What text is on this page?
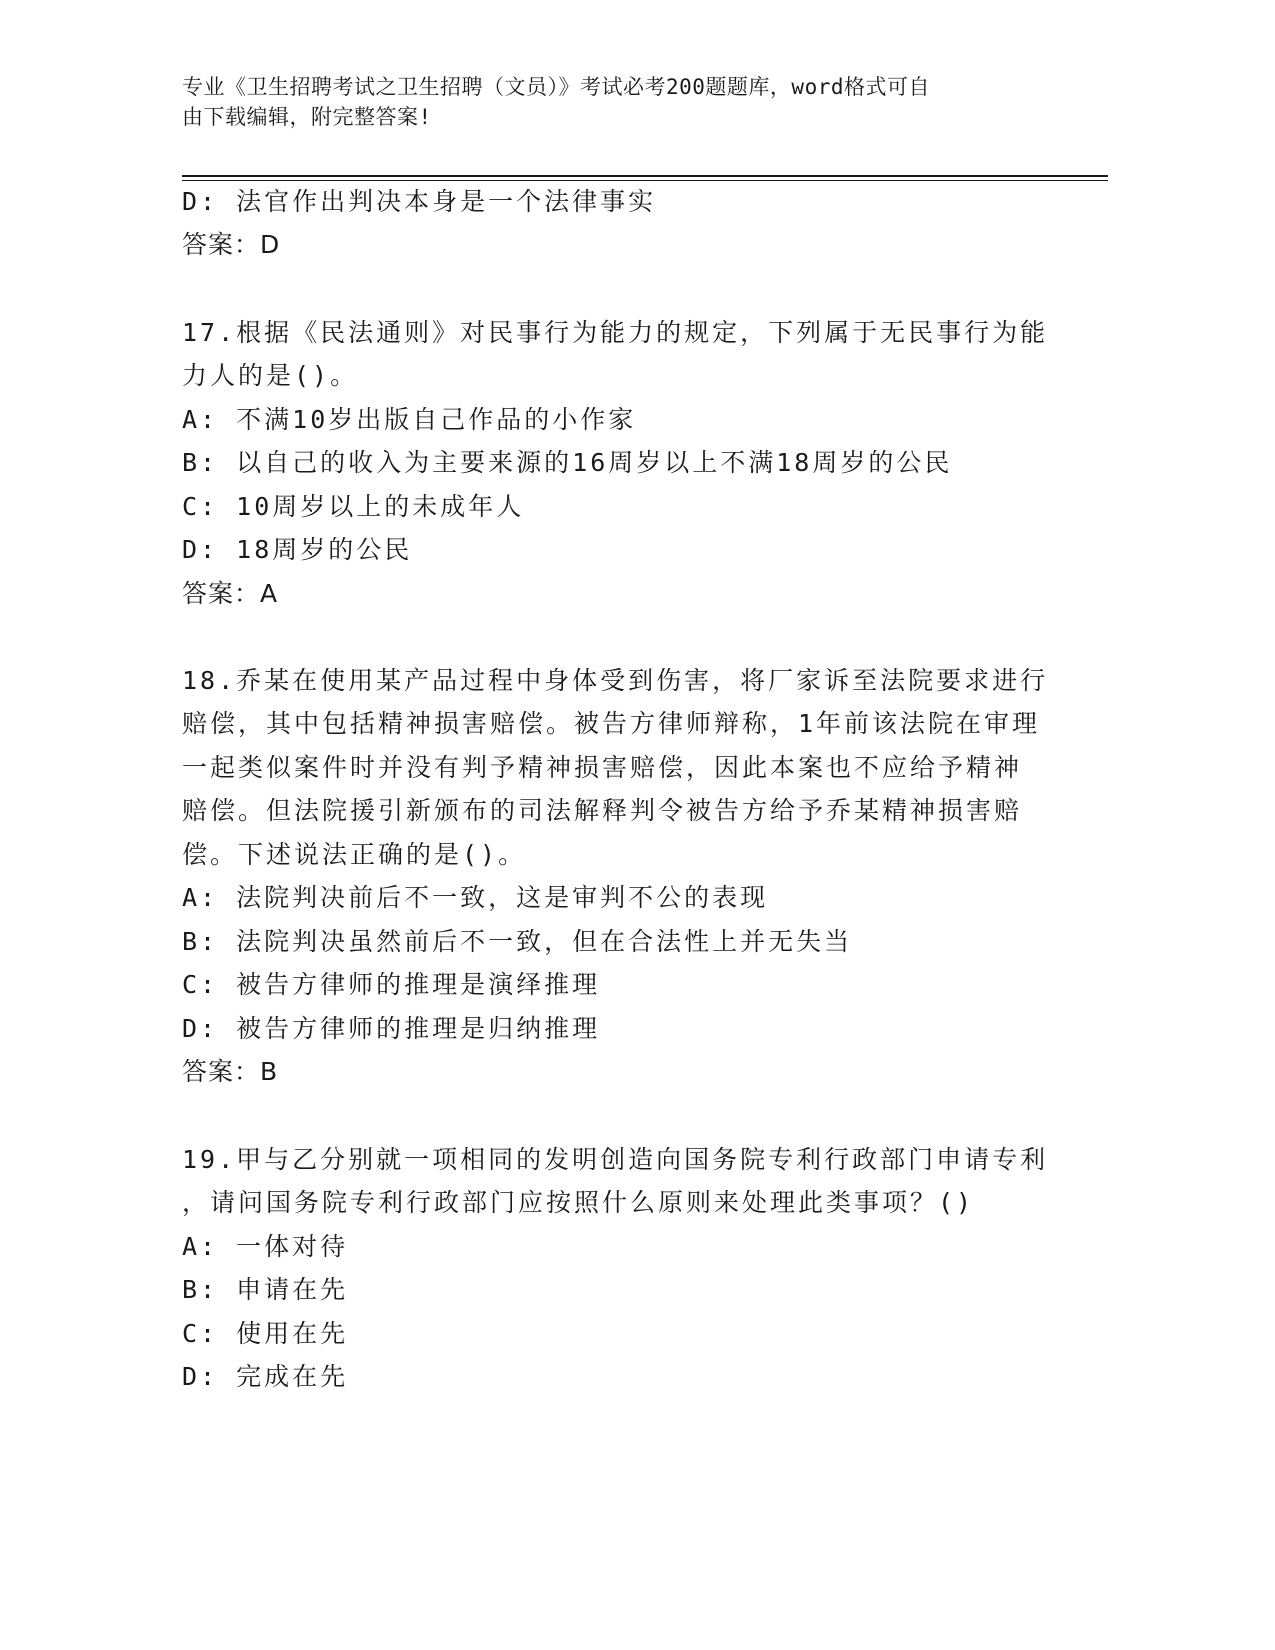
专业《卫生招聘考试之卫生招聘（文员）》考试必考200题题库，word格式可自
由下载编辑，附完整答案!
D: 法官作出判决本身是一个法律事实
答案：D
17.根据《民法通则》对民事行为能力的规定，下列属于无民事行为能
力人的是()。
A: 不满10岁出版自己作品的小作家
B: 以自己的收入为主要来源的16周岁以上不满18周岁的公民
C: 10周岁以上的未成年人
D: 18周岁的公民
答案：A
18.乔某在使用某产品过程中身体受到伤害，将厂家诉至法院要求进行
赔偿，其中包括精神损害赔偿。被告方律师辩称，1年前该法院在审理
一起类似案件时并没有判予精神损害赔偿，因此本案也不应给予精神
赔偿。但法院援引新颁布的司法解释判令被告方给予乔某精神损害赔
偿。下述说法正确的是()。
A: 法院判决前后不一致，这是审判不公的表现
B: 法院判决虽然前后不一致，但在合法性上并无失当
C: 被告方律师的推理是演绎推理
D: 被告方律师的推理是归纳推理
答案：B
19.甲与乙分别就一项相同的发明创造向国务院专利行政部门申请专利
，请问国务院专利行政部门应按照什么原则来处理此类事项？()
A: 一体对待
B: 申请在先
C: 使用在先
D: 完成在先
